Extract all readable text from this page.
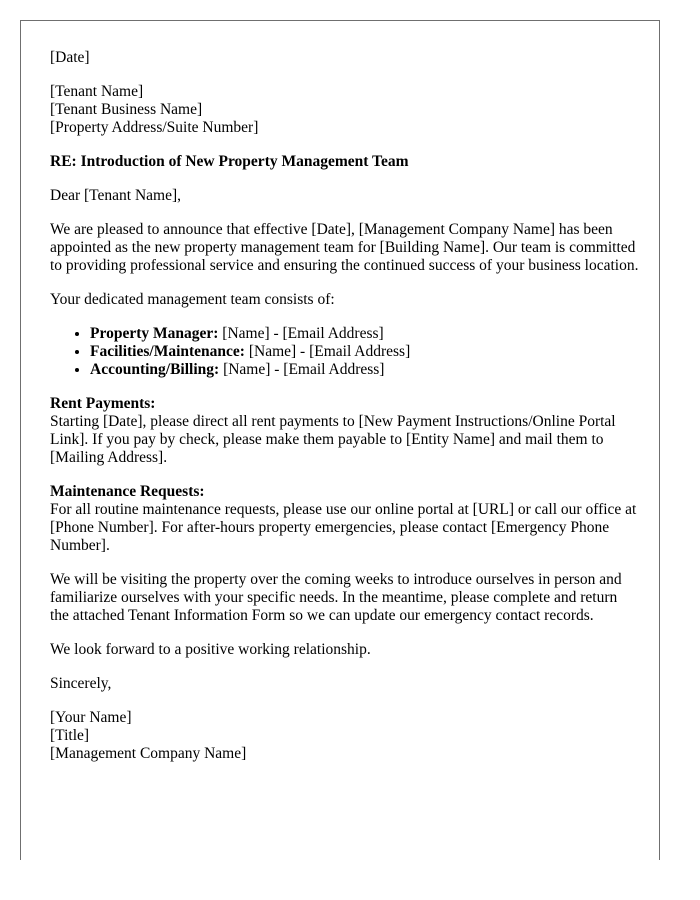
[Date]

[Tenant Name]
[Tenant Business Name]
[Property Address/Suite Number]

RE: Introduction of New Property Management Team

Dear [Tenant Name],

We are pleased to announce that effective [Date], [Management Company Name] has been appointed as the new property management team for [Building Name]. Our team is committed to providing professional service and ensuring the continued success of your business location.

Your dedicated management team consists of:

• Property Manager: [Name] - [Email Address]
• Facilities/Maintenance: [Name] - [Email Address]
• Accounting/Billing: [Name] - [Email Address]

Rent Payments:
Starting [Date], please direct all rent payments to [New Payment Instructions/Online Portal Link]. If you pay by check, please make them payable to [Entity Name] and mail them to [Mailing Address].

Maintenance Requests:
For all routine maintenance requests, please use our online portal at [URL] or call our office at [Phone Number]. For after-hours property emergencies, please contact [Emergency Phone Number].

We will be visiting the property over the coming weeks to introduce ourselves in person and familiarize ourselves with your specific needs. In the meantime, please complete and return the attached Tenant Information Form so we can update our emergency contact records.

We look forward to a positive working relationship.

Sincerely,

[Your Name]
[Title]
[Management Company Name]
